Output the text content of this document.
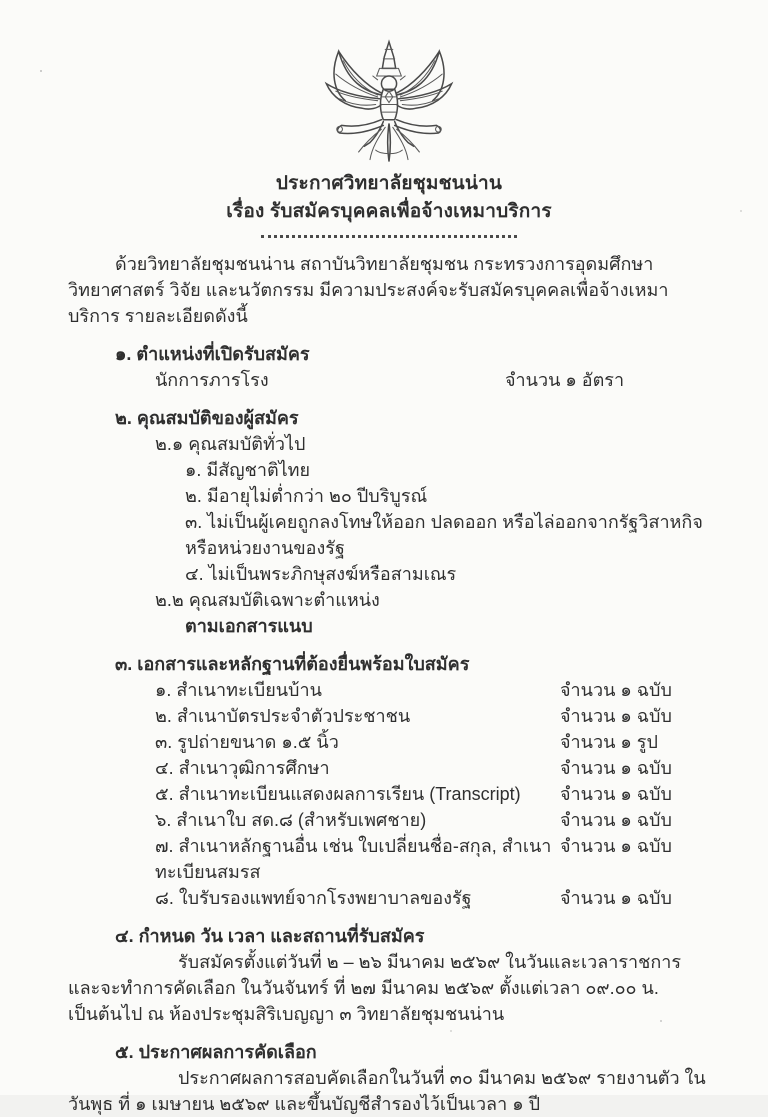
ประกาศวิทยาลัยชุมชนน่าน
เรื่อง รับสมัครบุคคลเพื่อจ้างเหมาบริการ

ด้วยวิทยาลัยชุมชนน่าน สถาบันวิทยาลัยชุมชน กระทรวงการอุดมศึกษา วิทยาศาสตร์ วิจัย และนวัตกรรม มีความประสงค์จะรับสมัครบุคคลเพื่อจ้างเหมาบริการ รายละเอียดดังนี้

๑. ตำแหน่งที่เปิดรับสมัคร
นักการภารโรง	จำนวน ๑ อัตรา
๒. คุณสมบัติของผู้สมัคร
๒.๑ คุณสมบัติทั่วไป
๑. มีสัญชาติไทย
๒. มีอายุไม่ต่ำกว่า ๒๐ ปีบริบูรณ์
๓. ไม่เป็นผู้เคยถูกลงโทษให้ออก ปลดออก หรือไล่ออกจากรัฐวิสาหกิจ หรือหน่วยงานของรัฐ
๔. ไม่เป็นพระภิกษุสงฆ์หรือสามเณร
๒.๒ คุณสมบัติเฉพาะตำแหน่ง
ตามเอกสารแนบ
๓. เอกสารและหลักฐานที่ต้องยื่นพร้อมใบสมัคร
๑. สำเนาทะเบียนบ้าน	จำนวน ๑ ฉบับ
๒. สำเนาบัตรประจำตัวประชาชน	จำนวน ๑ ฉบับ
๓. รูปถ่ายขนาด ๑.๕ นิ้ว	จำนวน ๑ รูป
๔. สำเนาวุฒิการศึกษา	จำนวน ๑ ฉบับ
๕. สำเนาทะเบียนแสดงผลการเรียน (Transcript)	จำนวน ๑ ฉบับ
๖. สำเนาใบ สด.๘ (สำหรับเพศชาย)	จำนวน ๑ ฉบับ
๗. สำเนาหลักฐานอื่น เช่น ใบเปลี่ยนชื่อ-สกุล, สำเนาทะเบียนสมรส
จำนวน ๑ ฉบับ
๘. ใบรับรองแพทย์จากโรงพยาบาลของรัฐ	จำนวน ๑ ฉบับ
๔. กำหนด วัน เวลา และสถานที่รับสมัคร

รับสมัครตั้งแต่วันที่ ๒ – ๒๖ มีนาคม ๒๕๖๙ ในวันและเวลาราชการ และจะทำการคัดเลือก ในวันจันทร์ ที่ ๒๗ มีนาคม ๒๕๖๙ ตั้งแต่เวลา ๐๙.๐๐ น. เป็นต้นไป ณ ห้องประชุมสิริเบญญา ๓ วิทยาลัยชุมชนน่าน

๕. ประกาศผลการคัดเลือก

ประกาศผลการสอบคัดเลือกในวันที่ ๓๐ มีนาคม ๒๕๖๙ รายงานตัว ในวันพุธ ที่ ๑ เมษายน ๒๕๖๙ และขึ้นบัญชีสำรองไว้เป็นเวลา ๑ ปี
